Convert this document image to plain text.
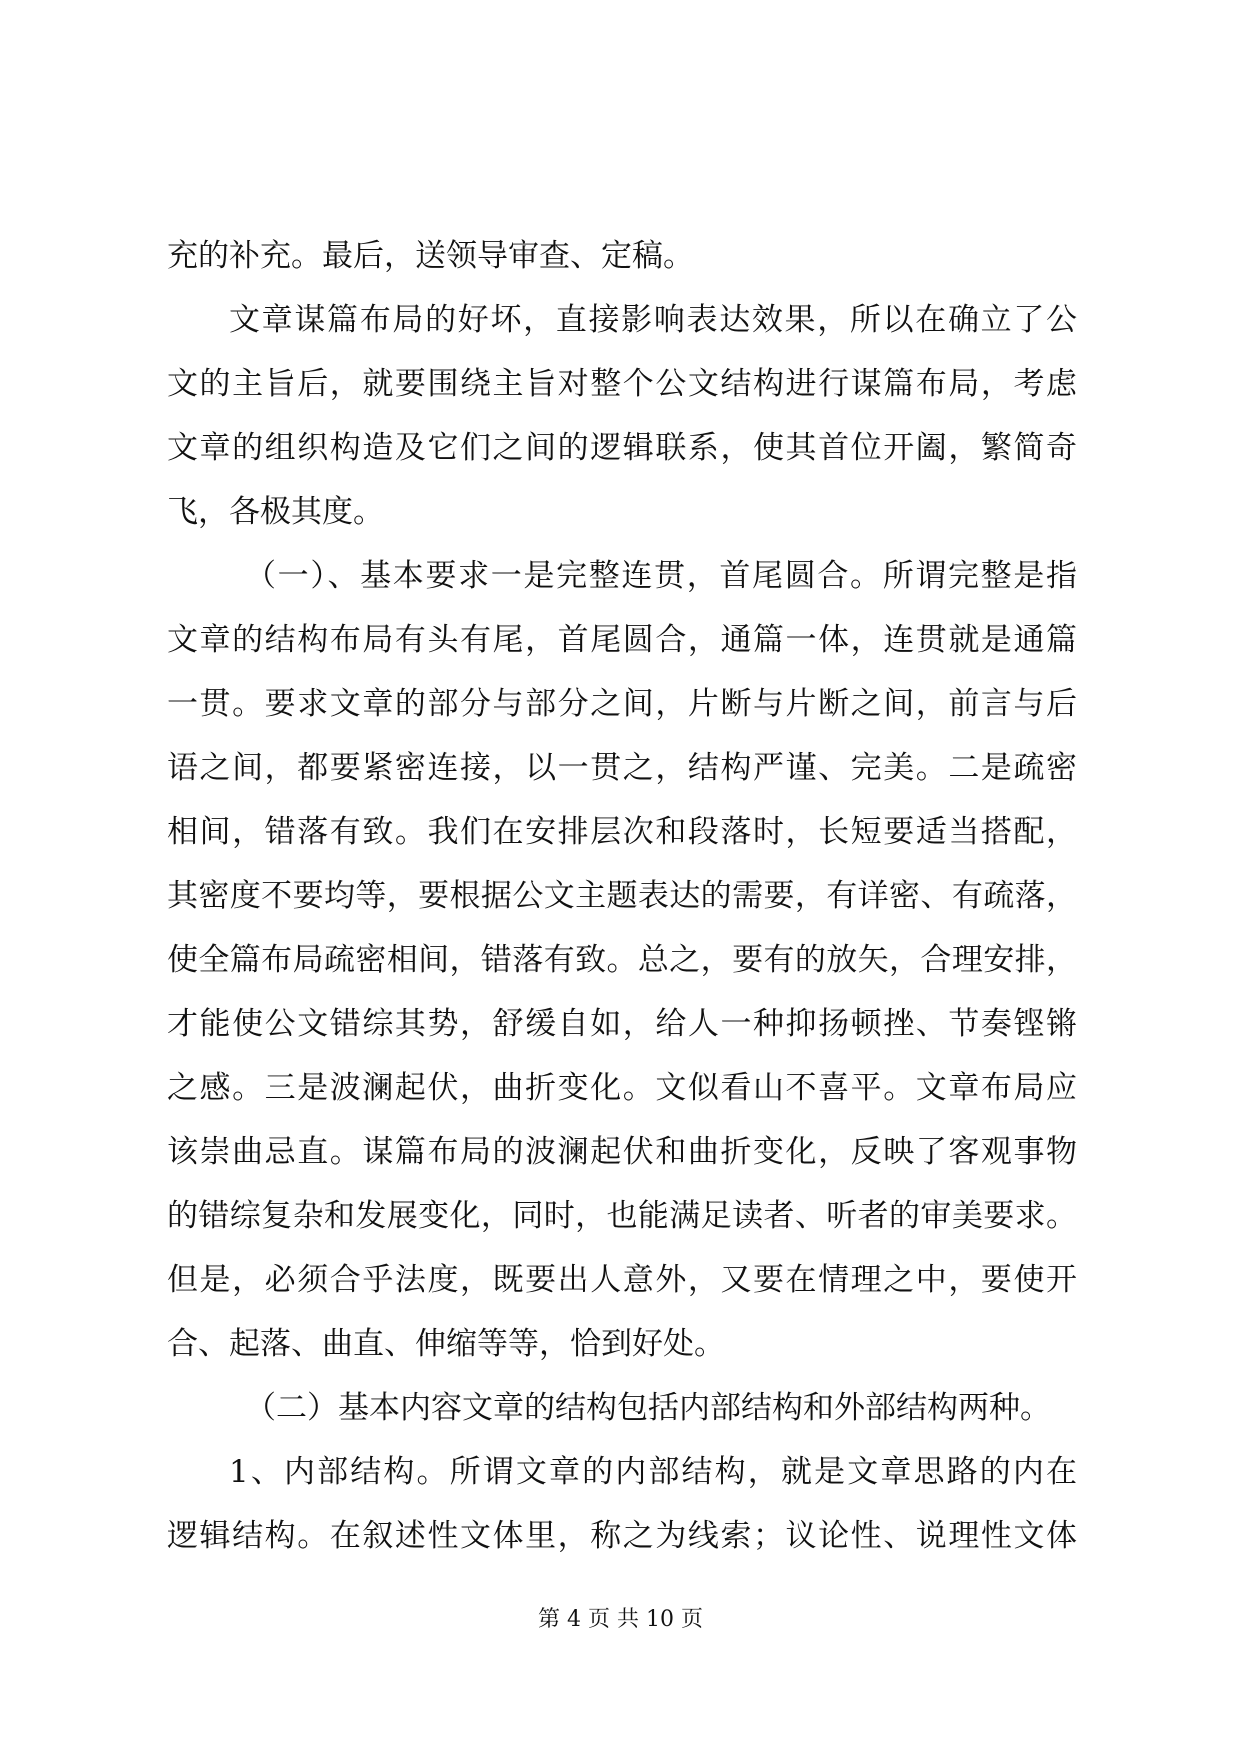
充的补充。最后，送领导审查、定稿。
文章谋篇布局的好坏，直接影响表达效果，所以在确立了公
文的主旨后，就要围绕主旨对整个公文结构进行谋篇布局，考虑
文章的组织构造及它们之间的逻辑联系，使其首位开阖，繁简奇
飞，各极其度。
（一）、基本要求一是完整连贯，首尾圆合。所谓完整是指
文章的结构布局有头有尾，首尾圆合，通篇一体，连贯就是通篇
一贯。要求文章的部分与部分之间，片断与片断之间，前言与后
语之间，都要紧密连接，以一贯之，结构严谨、完美。二是疏密
相间，错落有致。我们在安排层次和段落时，长短要适当搭配，
其密度不要均等，要根据公文主题表达的需要，有详密、有疏落，
使全篇布局疏密相间，错落有致。总之，要有的放矢，合理安排，
才能使公文错综其势，舒缓自如，给人一种抑扬顿挫、节奏铿锵
之感。三是波澜起伏，曲折变化。文似看山不喜平。文章布局应
该崇曲忌直。谋篇布局的波澜起伏和曲折变化，反映了客观事物
的错综复杂和发展变化，同时，也能满足读者、听者的审美要求。
但是，必须合乎法度，既要出人意外，又要在情理之中，要使开
合、起落、曲直、伸缩等等，恰到好处。
（二）基本内容文章的结构包括内部结构和外部结构两种。
1、内部结构。所谓文章的内部结构，就是文章思路的内在
逻辑结构。在叙述性文体里，称之为线索；议论性、说理性文体
第 4 页 共 10 页
